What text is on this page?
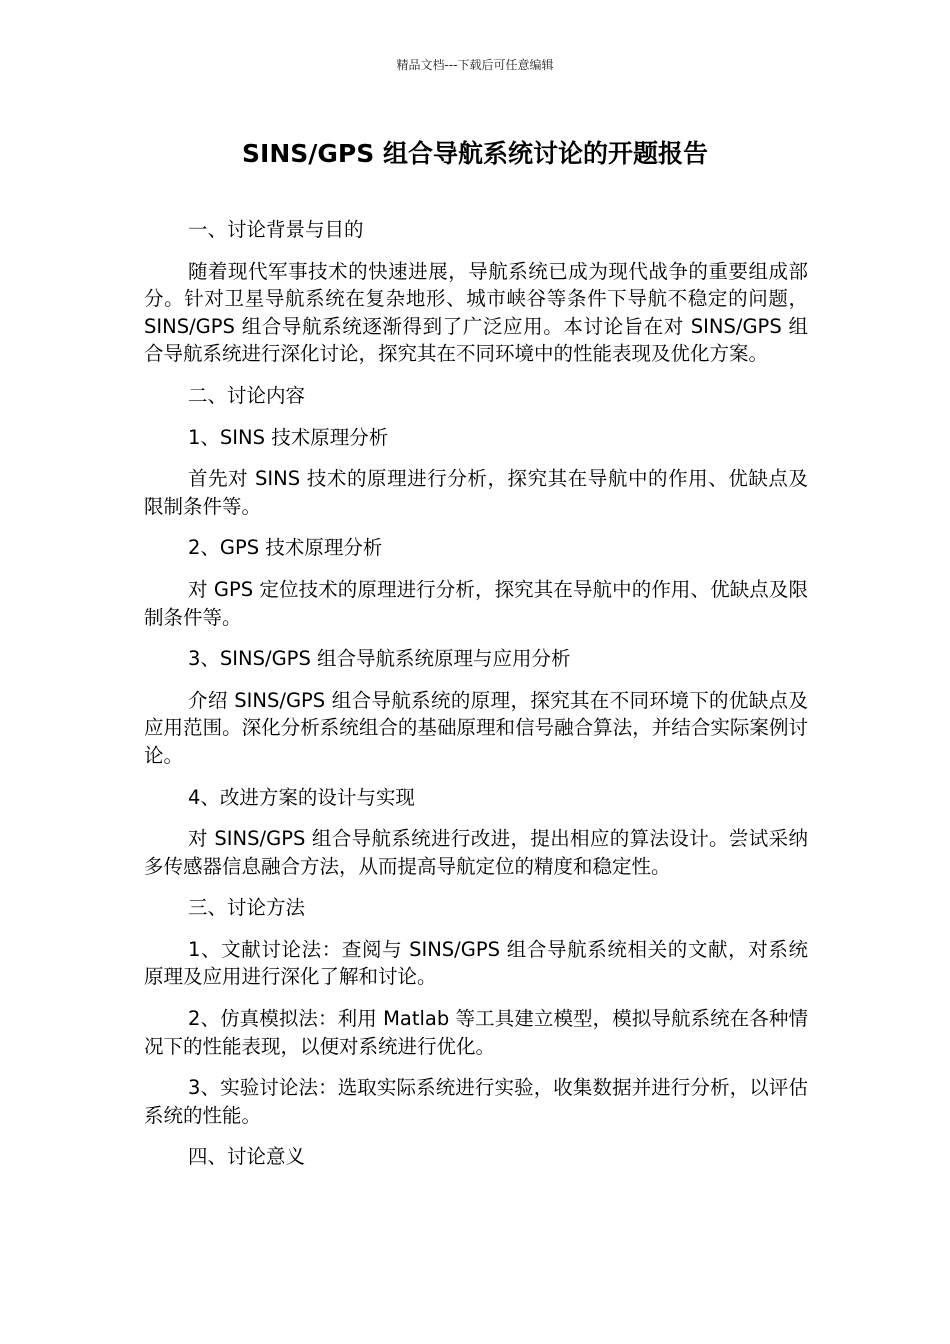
精品文档---下载后可任意编辑
SINS/GPS 组合导航系统讨论的开题报告

一、讨论背景与目的

随着现代军事技术的快速进展，导航系统已成为现代战争的重要组成部分。针对卫星导航系统在复杂地形、城市峡谷等条件下导航不稳定的问题，SINS/GPS 组合导航系统逐渐得到了广泛应用。本讨论旨在对 SINS/GPS 组合导航系统进行深化讨论，探究其在不同环境中的性能表现及优化方案。

二、讨论内容

1、SINS 技术原理分析

首先对 SINS 技术的原理进行分析，探究其在导航中的作用、优缺点及限制条件等。

2、GPS 技术原理分析

对 GPS 定位技术的原理进行分析，探究其在导航中的作用、优缺点及限制条件等。

3、SINS/GPS 组合导航系统原理与应用分析

介绍 SINS/GPS 组合导航系统的原理，探究其在不同环境下的优缺点及应用范围。深化分析系统组合的基础原理和信号融合算法，并结合实际案例讨论。

4、改进方案的设计与实现

对 SINS/GPS 组合导航系统进行改进，提出相应的算法设计。尝试采纳多传感器信息融合方法，从而提高导航定位的精度和稳定性。

三、讨论方法

1、文献讨论法：查阅与 SINS/GPS 组合导航系统相关的文献，对系统原理及应用进行深化了解和讨论。

2、仿真模拟法：利用 Matlab 等工具建立模型，模拟导航系统在各种情况下的性能表现，以便对系统进行优化。

3、实验讨论法：选取实际系统进行实验，收集数据并进行分析，以评估系统的性能。

四、讨论意义
